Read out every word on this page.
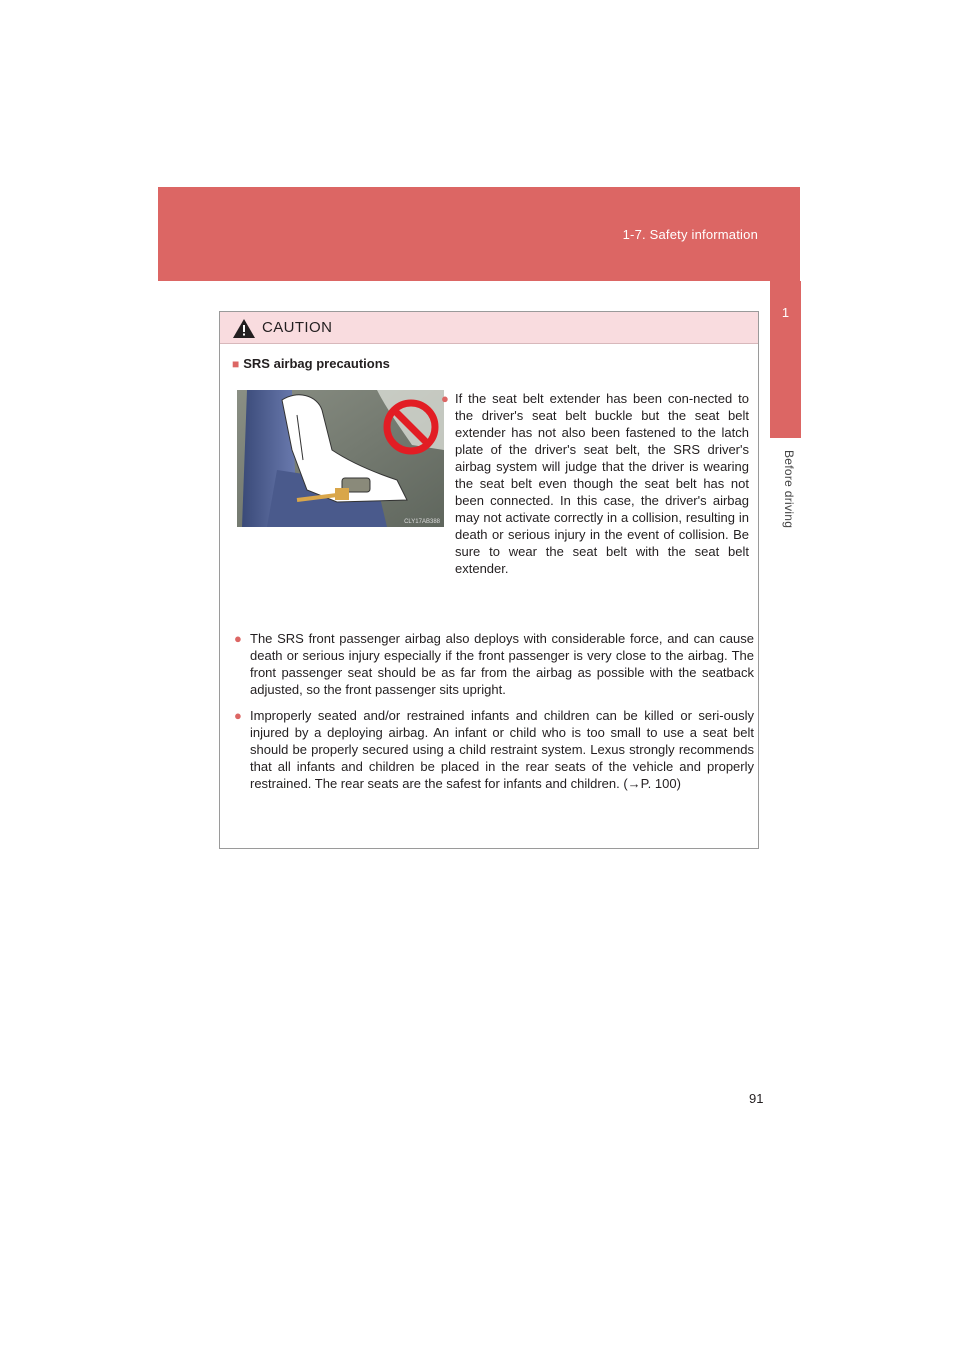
1-7. Safety information
1
Before driving
CAUTION
■ SRS airbag precautions
CLY17AB388
● If the seat belt extender has been con-nected to the driver's seat belt buckle but the seat belt extender has not also been fastened to the latch plate of the driver's seat belt, the SRS driver's airbag system will judge that the driver is wearing the seat belt even though the seat belt has not been connected. In this case, the driver's airbag may not activate correctly in a collision, resulting in death or serious injury in the event of collision. Be sure to wear the seat belt with the seat belt extender.
● The SRS front passenger airbag also deploys with considerable force, and can cause death or serious injury especially if the front passenger is very close to the airbag. The front passenger seat should be as far from the airbag as possible with the seatback adjusted, so the front passenger sits upright.
● Improperly seated and/or restrained infants and children can be killed or seri-ously injured by a deploying airbag. An infant or child who is too small to use a seat belt should be properly secured using a child restraint system. Lexus strongly recommends that all infants and children be placed in the rear seats of the vehicle and properly restrained. The rear seats are the safest for infants and children. (→P. 100)
91
